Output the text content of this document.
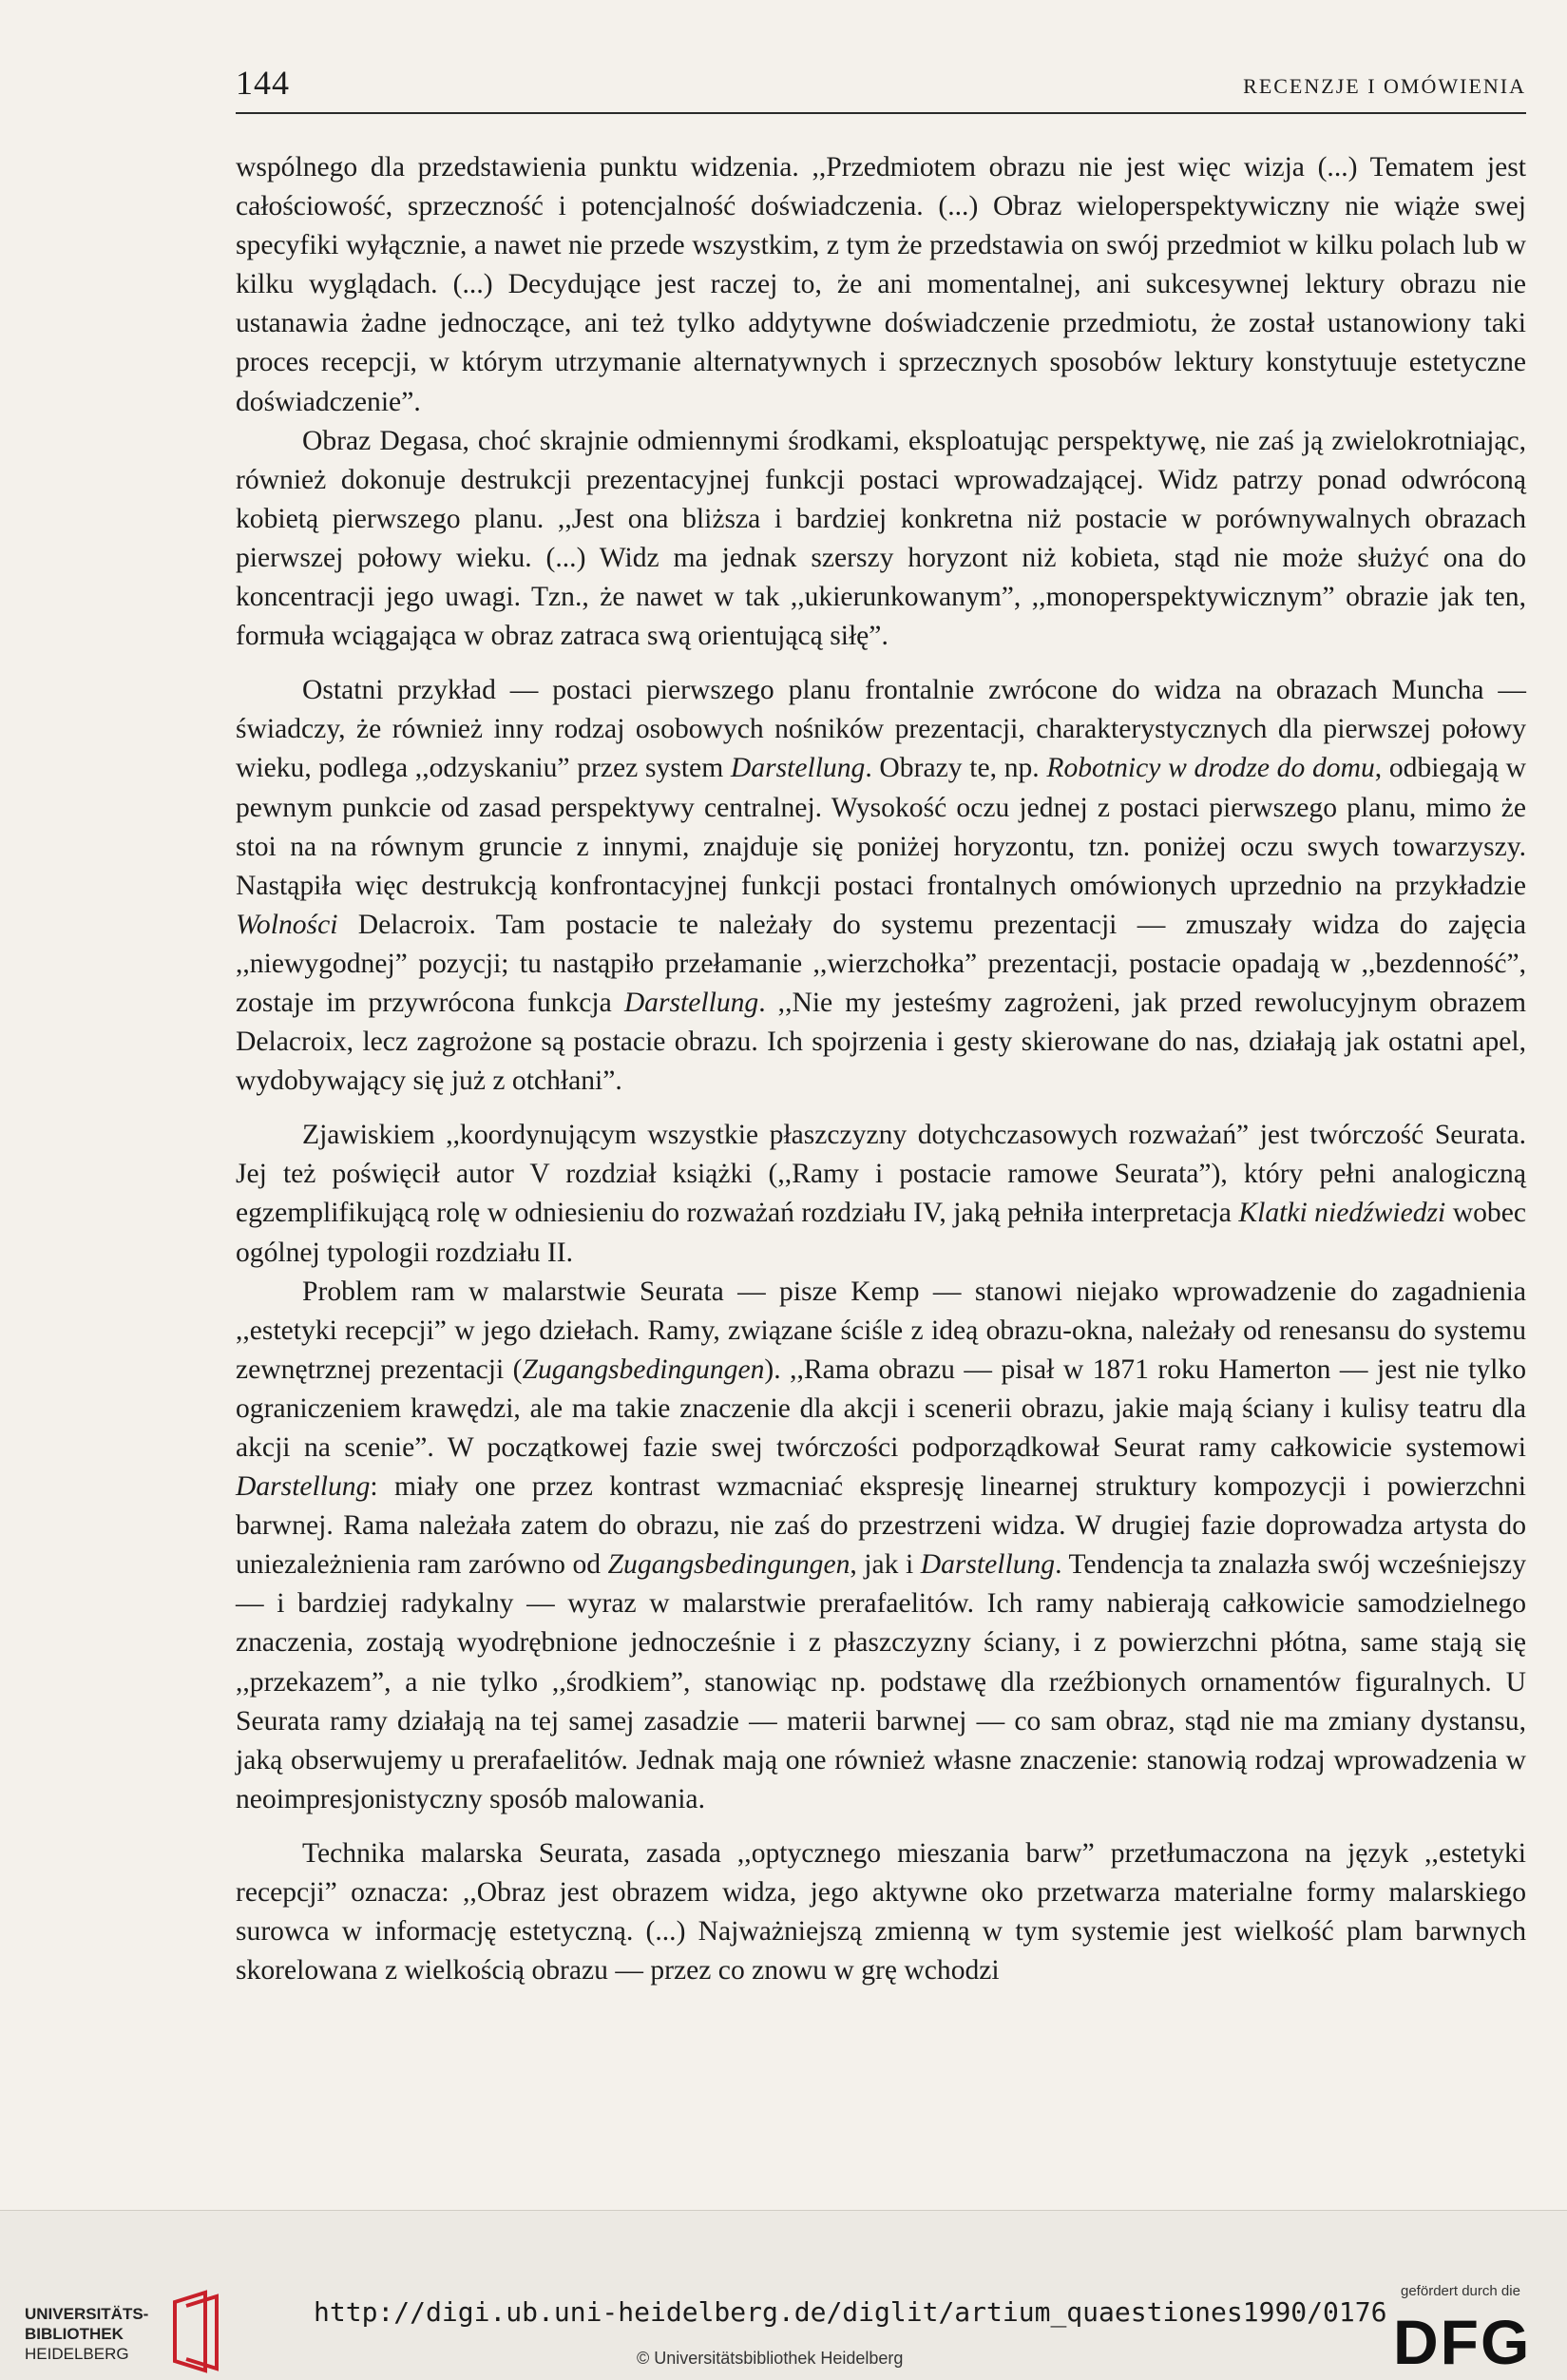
144	RECENZJE I OMÓWIENIA

wspólnego dla przedstawienia punktu widzenia. ,,Przedmiotem obrazu nie jest więc wizja (...) Tematem jest całościowość, sprzeczność i potencjalność doświadczenia. (...) Obraz wieloperspektywiczny nie wiąże swej specyfiki wyłącznie, a nawet nie przede wszystkim, z tym że przedstawia on swój przedmiot w kilku polach lub w kilku wyglądach. (...) Decydujące jest raczej to, że ani momentalnej, ani sukcesywnej lektury obrazu nie ustanawia żadne jednoczące, ani też tylko addytywne doświadczenie przedmiotu, że został ustanowiony taki proces recepcji, w którym utrzymanie alternatywnych i sprzecznych sposobów lektury konstytuuje estetyczne doświadczenie”.

Obraz Degasa, choć skrajnie odmiennymi środkami, eksploatując perspektywę, nie zaś ją zwielokrotniając, również dokonuje destrukcji prezentacyjnej funkcji postaci wprowadzającej. Widz patrzy ponad odwróconą kobietą pierwszego planu. ,,Jest ona bliższa i bardziej konkretna niż postacie w porównywalnych obrazach pierwszej połowy wieku. (...) Widz ma jednak szerszy horyzont niż kobieta, stąd nie może służyć ona do koncentracji jego uwagi. Tzn., że nawet w tak ,,ukierunkowanym”, ,,monoperspektywicznym” obrazie jak ten, formuła wciągająca w obraz zatraca swą orientującą siłę”.

Ostatni przykład — postaci pierwszego planu frontalnie zwrócone do widza na obrazach Muncha — świadczy, że również inny rodzaj osobowych nośników prezentacji, charakterystycznych dla pierwszej połowy wieku, podlega ,,odzyskaniu” przez system Darstellung. Obrazy te, np. Robotnicy w drodze do domu, odbiegają w pewnym punkcie od zasad perspektywy centralnej. Wysokość oczu jednej z postaci pierwszego planu, mimo że stoi na na równym gruncie z innymi, znajduje się poniżej horyzontu, tzn. poniżej oczu swych towarzyszy. Nastąpiła więc destrukcją konfrontacyjnej funkcji postaci frontalnych omówionych uprzednio na przykładzie Wolności Delacroix. Tam postacie te należały do systemu prezentacji — zmuszały widza do zajęcia ,,niewygodnej” pozycji; tu nastąpiło przełamanie ,,wierzchołka” prezentacji, postacie opadają w ,,bezdenność”, zostaje im przywrócona funkcja Darstellung. ,,Nie my jesteśmy zagrożeni, jak przed rewolucyjnym obrazem Delacroix, lecz zagrożone są postacie obrazu. Ich spojrzenia i gesty skierowane do nas, działają jak ostatni apel, wydobywający się już z otchłani”.

Zjawiskiem ,,koordynującym wszystkie płaszczyzny dotychczasowych rozważań” jest twórczość Seurata. Jej też poświęcił autor V rozdział książki (,,Ramy i postacie ramowe Seurata”), który pełni analogiczną egzemplifikującą rolę w odniesieniu do rozważań rozdziału IV, jaką pełniła interpretacja Klatki niedźwiedzi wobec ogólnej typologii rozdziału II.

Problem ram w malarstwie Seurata — pisze Kemp — stanowi niejako wprowadzenie do zagadnienia ,,estetyki recepcji” w jego dziełach. Ramy, związane ściśle z ideą obrazu-okna, należały od renesansu do systemu zewnętrznej prezentacji (Zugangsbedingungen). ,,Rama obrazu — pisał w 1871 roku Hamerton — jest nie tylko ograniczeniem krawędzi, ale ma takie znaczenie dla akcji i scenerii obrazu, jakie mają ściany i kulisy teatru dla akcji na scenie”. W początkowej fazie swej twórczości podporządkował Seurat ramy całkowicie systemowi Darstellung: miały one przez kontrast wzmacniać ekspresję linearnej struktury kompozycji i powierzchni barwnej. Rama należała zatem do obrazu, nie zaś do przestrzeni widza. W drugiej fazie doprowadza artysta do uniezależnienia ram zarówno od Zugangsbedingungen, jak i Darstellung. Tendencja ta znalazła swój wcześniejszy — i bardziej radykalny — wyraz w malarstwie prerafaelitów. Ich ramy nabierają całkowicie samodzielnego znaczenia, zostają wyodrębnione jednocześnie i z płaszczyzny ściany, i z powierzchni płótna, same stają się ,,przekazem”, a nie tylko ,,środkiem”, stanowiąc np. podstawę dla rzeźbionych ornamentów figuralnych. U Seurata ramy działają na tej samej zasadzie — materii barwnej — co sam obraz, stąd nie ma zmiany dystansu, jaką obserwujemy u prerafaelitów. Jednak mają one również własne znaczenie: stanowią rodzaj wprowadzenia w neoimpresjonistyczny sposób malowania.

Technika malarska Seurata, zasada ,,optycznego mieszania barw” przetłumaczona na język ,,estetyki recepcji” oznacza: ,,Obraz jest obrazem widza, jego aktywne oko przetwarza materialne formy malarskiego surowca w informację estetyczną. (...) Najważniejszą zmienną w tym systemie jest wielkość plam barwnych skorelowana z wielkością obrazu — przez co znowu w grę wchodzi

UNIVERSITÄTS-
BIBLIOTHEK
HEIDELBERG
http://digi.ub.uni-heidelberg.de/diglit/artium_quaestiones1990/0176
© Universitätsbibliothek Heidelberg
gefördert durch die
DFG
